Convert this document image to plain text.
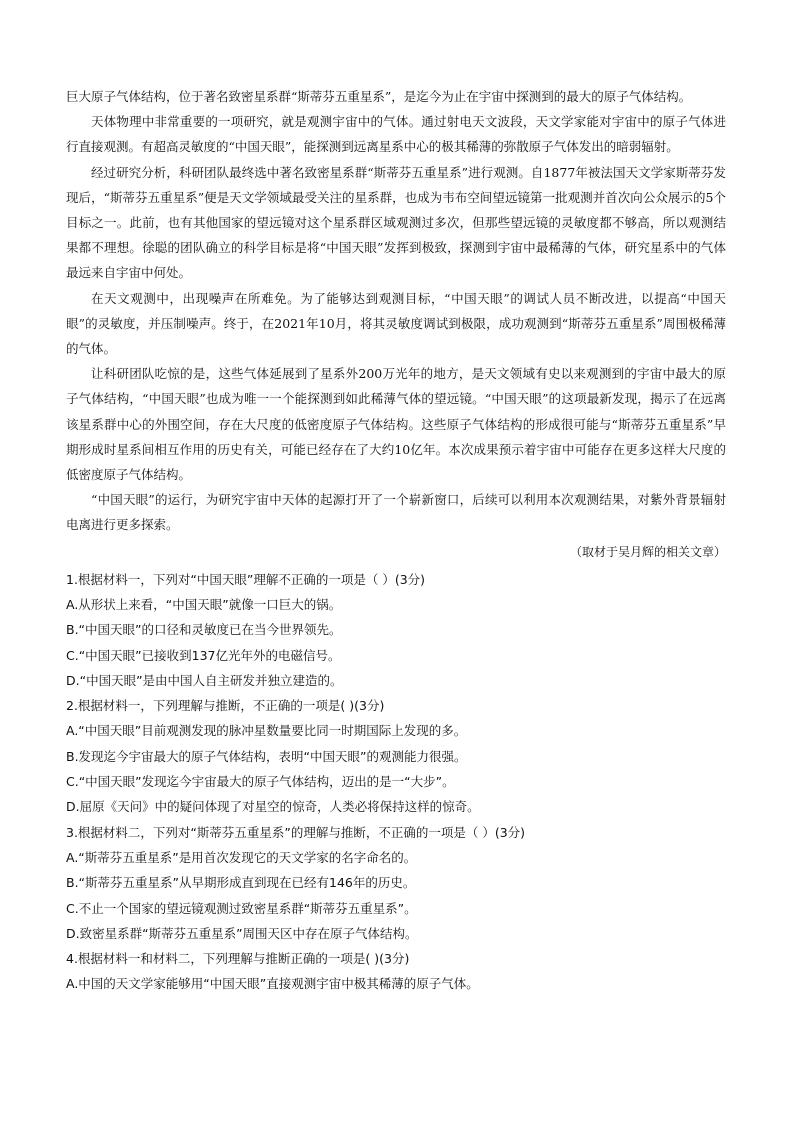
巨大原子气体结构，位于著名致密星系群“斯蒂芬五重星系”，是迄今为止在宇宙中探测到的最大的原子气体结构。

天体物理中非常重要的一项研究，就是观测宇宙中的气体。通过射电天文波段，天文学家能对宇宙中的原子气体进行直接观测。有超高灵敏度的“中国天眼”，能探测到远离星系中心的极其稀薄的弥散原子气体发出的暗弱辐射。

经过研究分析，科研团队最终选中著名致密星系群“斯蒂芬五重星系”进行观测。自1877年被法国天文学家斯蒂芬发现后，“斯蒂芬五重星系”便是天文学领域最受关注的星系群，也成为韦布空间望远镜第一批观测并首次向公众展示的5个目标之一。此前，也有其他国家的望远镜对这个星系群区域观测过多次，但那些望远镜的灵敏度都不够高，所以观测结果都不理想。徐聪的团队确立的科学目标是将“中国天眼”发挥到极致，探测到宇宙中最稀薄的气体，研究星系中的气体最远来自宇宙中何处。

在天文观测中，出现噪声在所难免。为了能够达到观测目标，“中国天眼”的调试人员不断改进，以提高“中国天眼”的灵敏度，并压制噪声。终于，在2021年10月，将其灵敏度调试到极限，成功观测到“斯蒂芬五重星系”周围极稀薄的气体。

让科研团队吃惊的是，这些气体延展到了星系外200万光年的地方，是天文领域有史以来观测到的宇宙中最大的原子气体结构，“中国天眼”也成为唯一一个能探测到如此稀薄气体的望远镜。“中国天眼”的这项最新发现，揭示了在远离该星系群中心的外围空间，存在大尺度的低密度原子气体结构。这些原子气体结构的形成很可能与“斯蒂芬五重星系”早期形成时星系间相互作用的历史有关，可能已经存在了大约10亿年。本次成果预示着宇宙中可能存在更多这样大尺度的低密度原子气体结构。

“中国天眼”的运行，为研究宇宙中天体的起源打开了一个崭新窗口，后续可以利用本次观测结果，对紫外背景辐射电离进行更多探索。

（取材于吴月辉的相关文章）

1.根据材料一，下列对“中国天眼”理解不正确的一项是（ ）(3分)

A.从形状上来看，“中国天眼”就像一口巨大的锅。

B.“中国天眼”的口径和灵敏度已在当今世界领先。

C.“中国天眼”已接收到137亿光年外的电磁信号。

D.“中国天眼”是由中国人自主研发并独立建造的。

2.根据材料一，下列理解与推断，不正确的一项是( )(3分)

A.“中国天眼”目前观测发现的脉冲星数量要比同一时期国际上发现的多。

B.发现迄今宇宙最大的原子气体结构，表明“中国天眼”的观测能力很强。

C.“中国天眼”发现迄今宇宙最大的原子气体结构，迈出的是一“大步”。

D.屈原《天问》中的疑问体现了对星空的惊奇，人类必将保持这样的惊奇。

3.根据材料二，下列对“斯蒂芬五重星系”的理解与推断，不正确的一项是（ ）(3分)

A.“斯蒂芬五重星系”是用首次发现它的天文学家的名字命名的。

B.“斯蒂芬五重星系”从早期形成直到现在已经有146年的历史。

C.不止一个国家的望远镜观测过致密星系群“斯蒂芬五重星系”。

D.致密星系群“斯蒂芬五重星系”周围天区中存在原子气体结构。

4.根据材料一和材料二，下列理解与推断正确的一项是( )(3分)

A.中国的天文学家能够用“中国天眼”直接观测宇宙中极其稀薄的原子气体。
